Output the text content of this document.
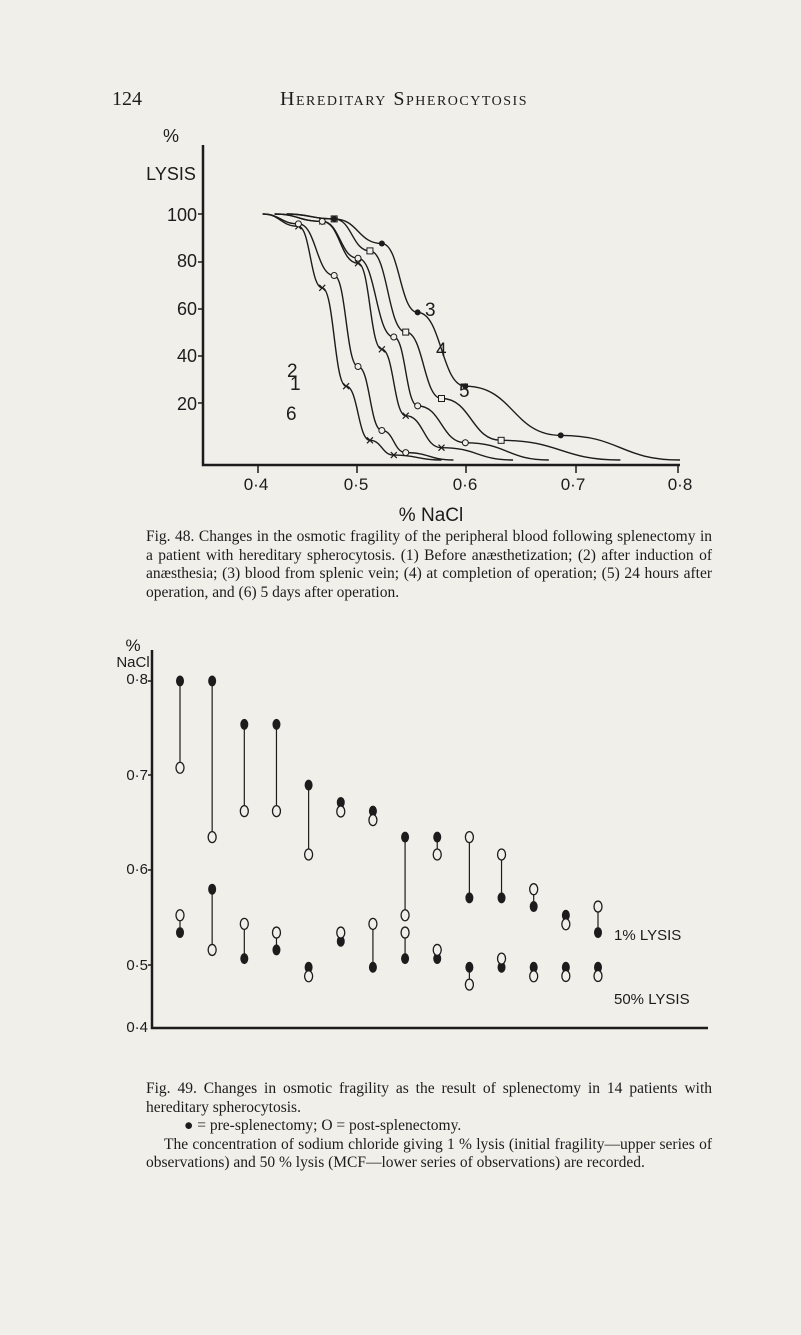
124	Hereditary Spherocytosis
%
LYSIS
100
80
60
40
20
0·4	0·5	0·6	0·7	0·8
% NaCl
1
2
3
4
5
6

Fig. 48. Changes in the osmotic fragility of the peripheral blood following splenectomy in a patient with hereditary spherocytosis. (1) Before anæsthetization; (2) after induction of anæsthesia; (3) blood from splenic vein; (4) at completion of operation; (5) 24 hours after operation, and (6) 5 days after operation.

%
NaCl
0·8
0·7
0·6
0·5
0·4
1% LYSIS
50% LYSIS

Fig. 49. Changes in osmotic fragility as the result of splenectomy in 14 patients with hereditary spherocytosis.

● = pre-splenectomy; O = post-splenectomy.

The concentration of sodium chloride giving 1 % lysis (initial fragility—upper series of observations) and 50 % lysis (MCF—lower series of observations) are recorded.
